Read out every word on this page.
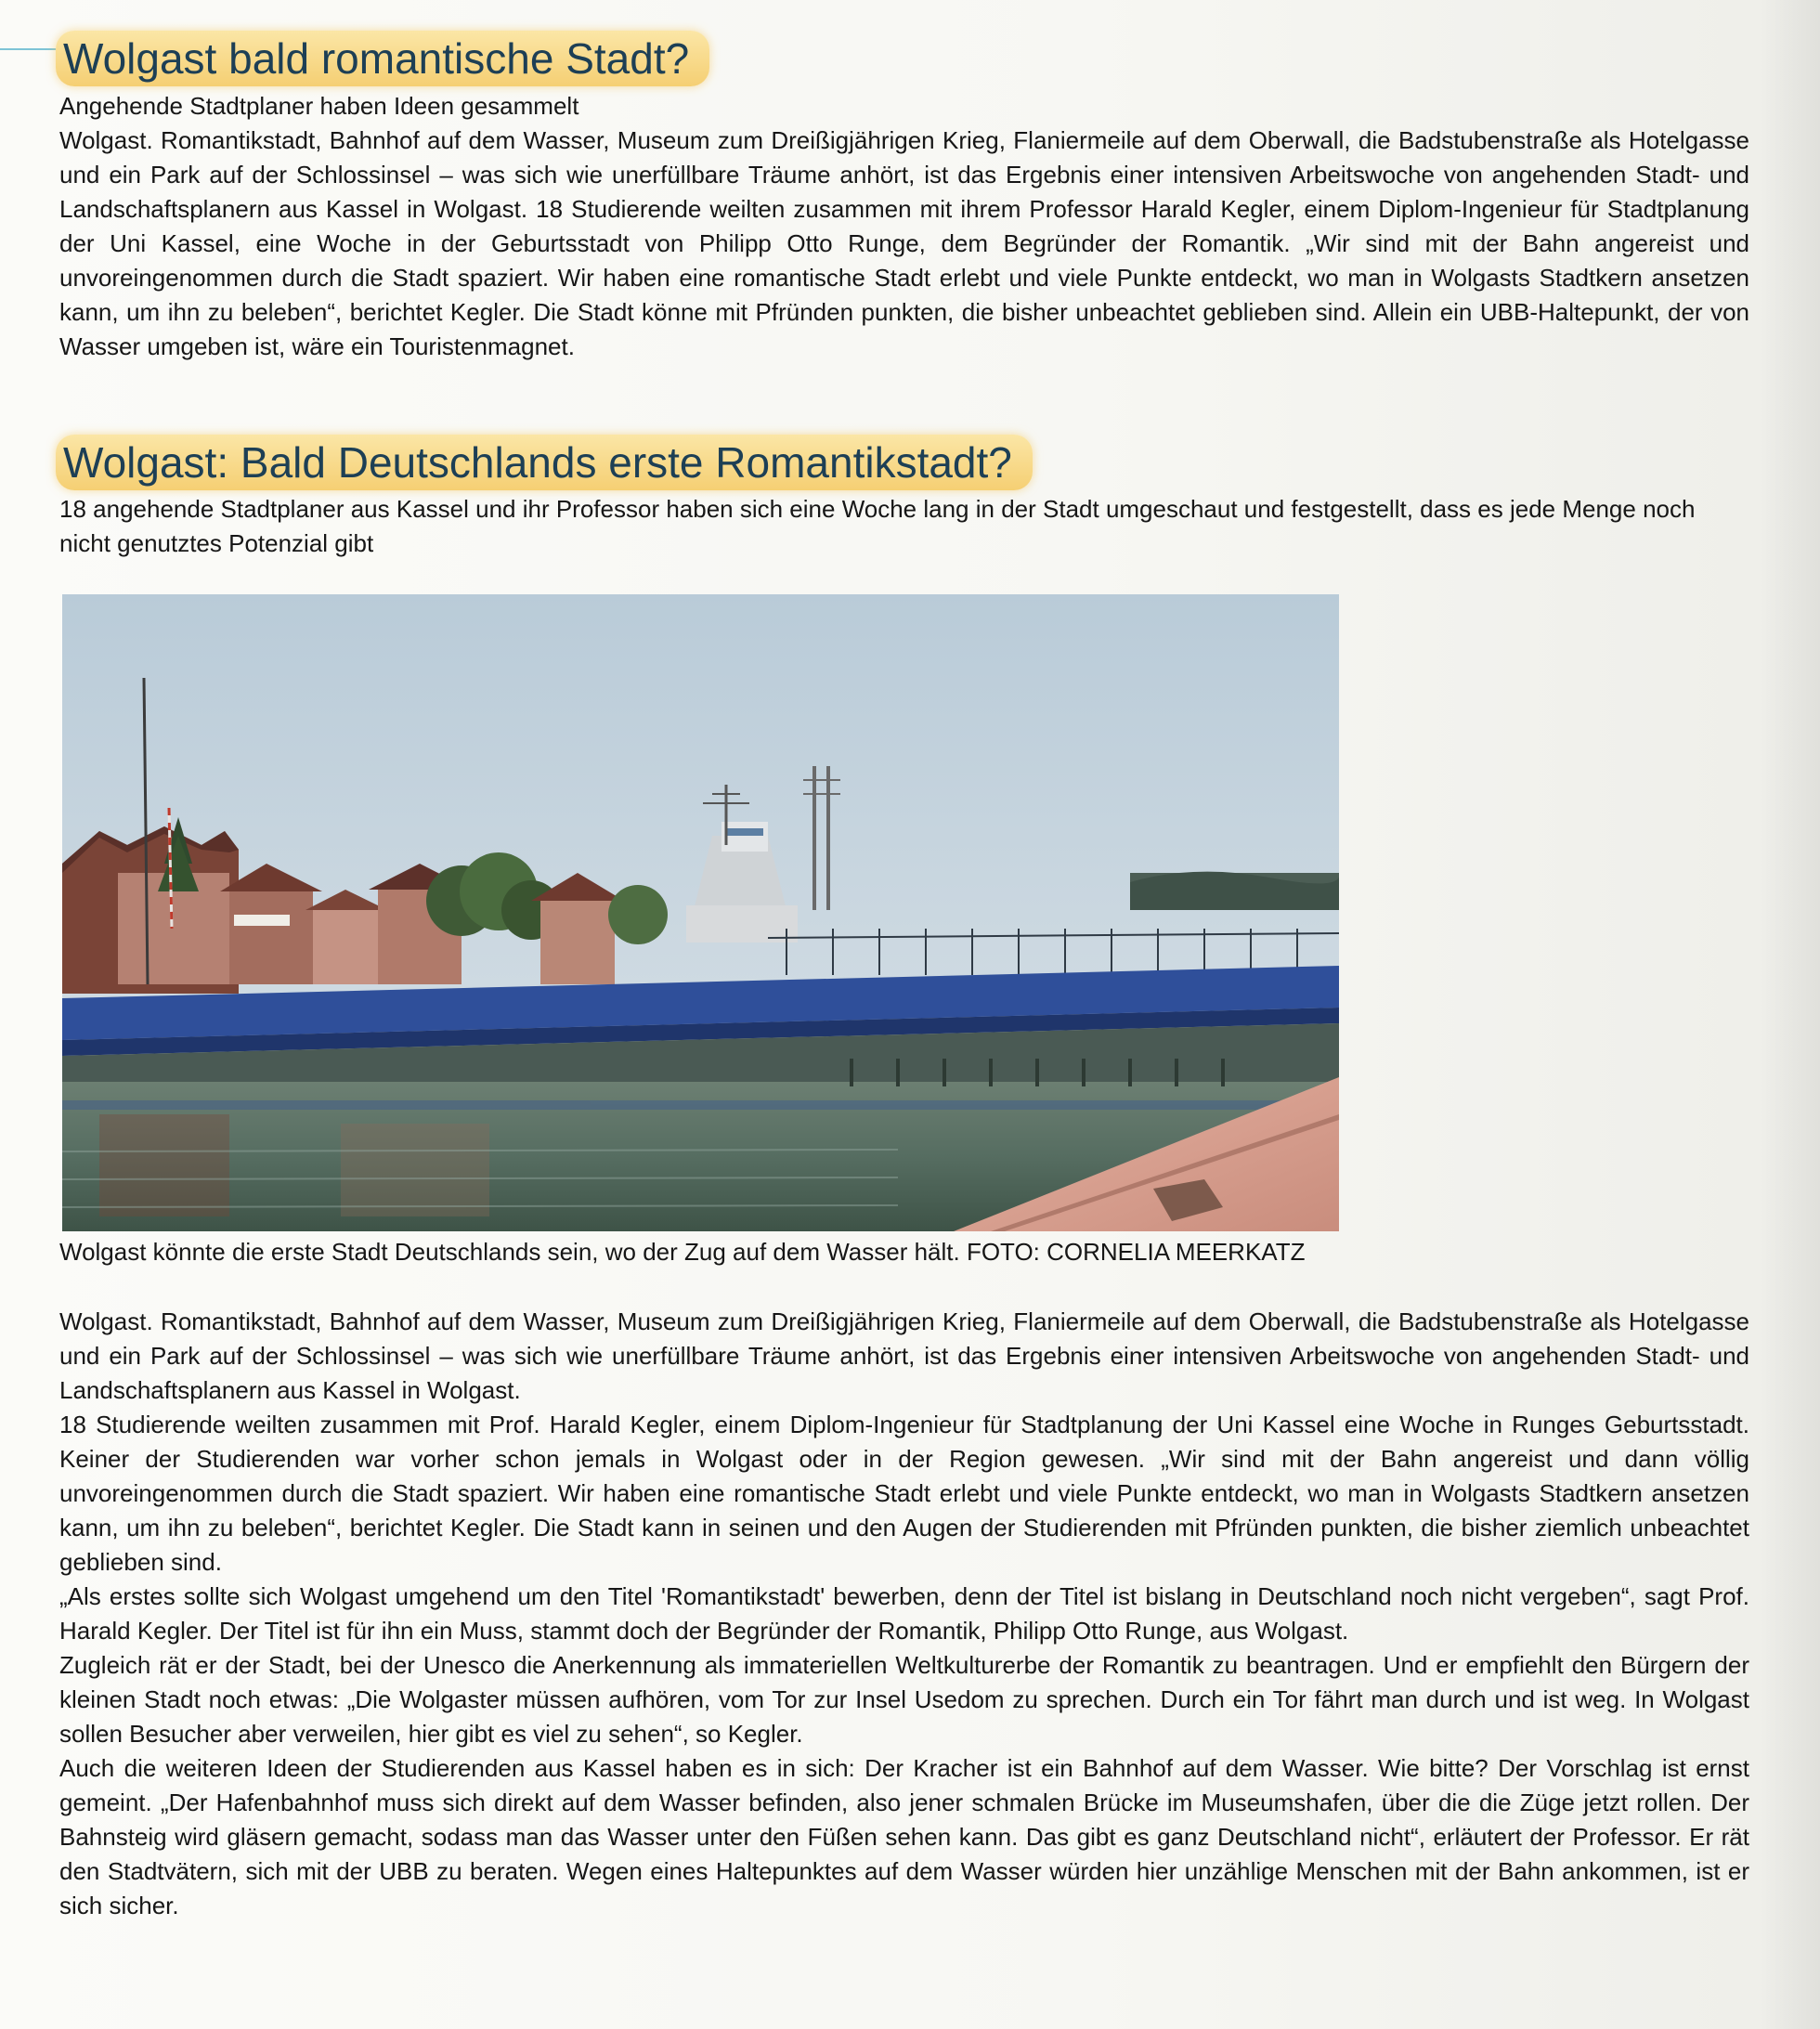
Wolgast bald romantische Stadt?

Angehende Stadtplaner haben Ideen gesammelt

Wolgast. Romantikstadt, Bahnhof auf dem Wasser, Museum zum Dreißigjährigen Krieg, Flaniermeile auf dem Oberwall, die Badstubenstraße als Hotelgasse und ein Park auf der Schlossinsel – was sich wie unerfüllbare Träume anhört, ist das Ergebnis einer intensiven Arbeitswoche von angehenden Stadt- und Landschaftsplanern aus Kassel in Wolgast. 18 Studierende weilten zusammen mit ihrem Professor Harald Kegler, einem Diplom-Ingenieur für Stadtplanung der Uni Kassel, eine Woche in der Geburtsstadt von Philipp Otto Runge, dem Begründer der Romantik. „Wir sind mit der Bahn angereist und unvoreingenommen durch die Stadt spaziert. Wir haben eine romantische Stadt erlebt und viele Punkte entdeckt, wo man in Wolgasts Stadtkern ansetzen kann, um ihn zu beleben“, berichtet Kegler. Die Stadt könne mit Pfründen punkten, die bisher unbeachtet geblieben sind. Allein ein UBB-Haltepunkt, der von Wasser umgeben ist, wäre ein Touristenmagnet.

Wolgast: Bald Deutschlands erste Romantikstadt?

18 angehende Stadtplaner aus Kassel und ihr Professor haben sich eine Woche lang in der Stadt umgeschaut und festgestellt, dass es jede Menge noch nicht genutztes Potenzial gibt

Wolgast könnte die erste Stadt Deutschlands sein, wo der Zug auf dem Wasser hält. FOTO: CORNELIA MEERKATZ

Wolgast. Romantikstadt, Bahnhof auf dem Wasser, Museum zum Dreißigjährigen Krieg, Flaniermeile auf dem Oberwall, die Badstubenstraße als Hotelgasse und ein Park auf der Schlossinsel – was sich wie unerfüllbare Träume anhört, ist das Ergebnis einer intensiven Arbeitswoche von angehenden Stadt- und Landschaftsplanern aus Kassel in Wolgast.

18 Studierende weilten zusammen mit Prof. Harald Kegler, einem Diplom-Ingenieur für Stadtplanung der Uni Kassel eine Woche in Runges Geburtsstadt. Keiner der Studierenden war vorher schon jemals in Wolgast oder in der Region gewesen. „Wir sind mit der Bahn angereist und dann völlig unvoreingenommen durch die Stadt spaziert. Wir haben eine romantische Stadt erlebt und viele Punkte entdeckt, wo man in Wolgasts Stadtkern ansetzen kann, um ihn zu beleben“, berichtet Kegler. Die Stadt kann in seinen und den Augen der Studierenden mit Pfründen punkten, die bisher ziemlich unbeachtet geblieben sind.

„Als erstes sollte sich Wolgast umgehend um den Titel 'Romantikstadt' bewerben, denn der Titel ist bislang in Deutschland noch nicht vergeben“, sagt Prof. Harald Kegler. Der Titel ist für ihn ein Muss, stammt doch der Begründer der Romantik, Philipp Otto Runge, aus Wolgast.

Zugleich rät er der Stadt, bei der Unesco die Anerkennung als immateriellen Weltkulturerbe der Romantik zu beantragen. Und er empfiehlt den Bürgern der kleinen Stadt noch etwas: „Die Wolgaster müssen aufhören, vom Tor zur Insel Usedom zu sprechen. Durch ein Tor fährt man durch und ist weg. In Wolgast sollen Besucher aber verweilen, hier gibt es viel zu sehen“, so Kegler.

Auch die weiteren Ideen der Studierenden aus Kassel haben es in sich: Der Kracher ist ein Bahnhof auf dem Wasser. Wie bitte? Der Vorschlag ist ernst gemeint. „Der Hafenbahnhof muss sich direkt auf dem Wasser befinden, also jener schmalen Brücke im Museumshafen, über die die Züge jetzt rollen. Der Bahnsteig wird gläsern gemacht, sodass man das Wasser unter den Füßen sehen kann. Das gibt es ganz Deutschland nicht“, erläutert der Professor. Er rät den Stadtvätern, sich mit der UBB zu beraten. Wegen eines Haltepunktes auf dem Wasser würden hier unzählige Menschen mit der Bahn ankommen, ist er sich sicher.
